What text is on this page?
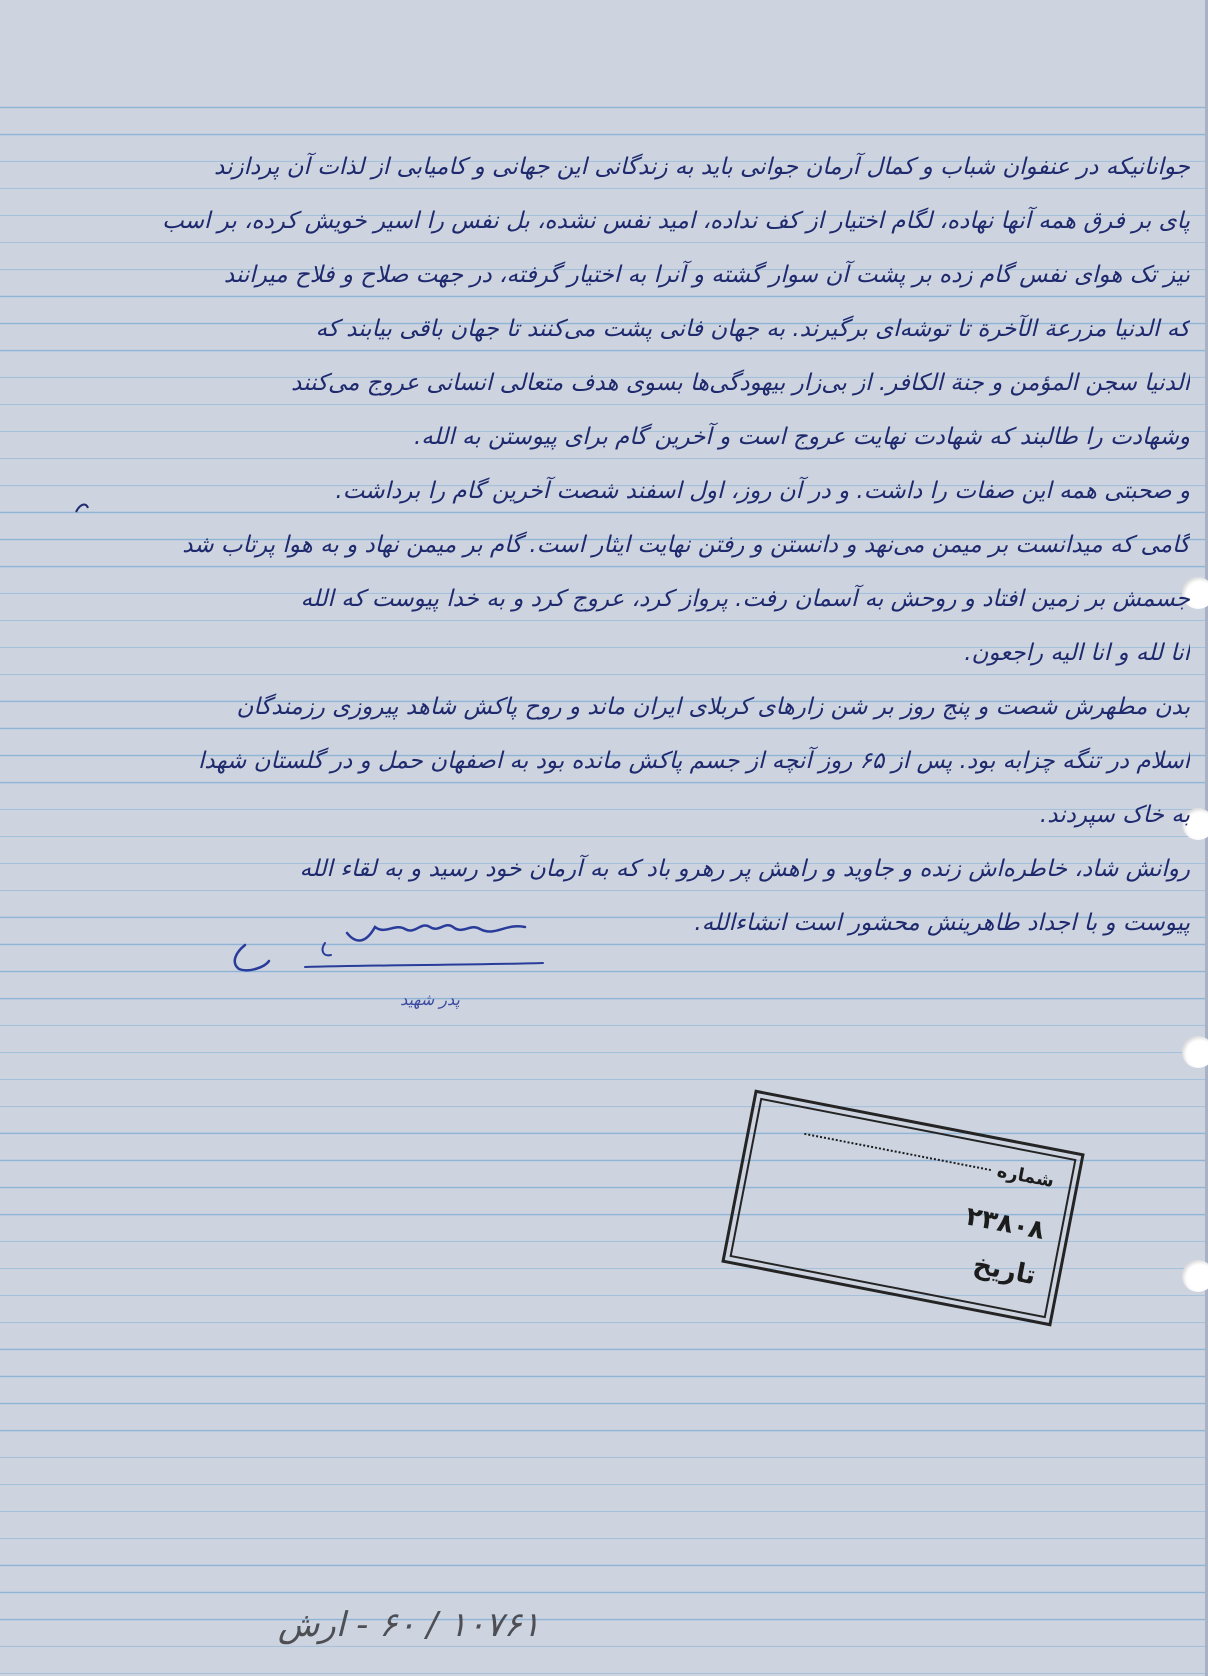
جوانانیکه در عنفوان شباب و کمال آرمان جوانی باید به زندگانی این جهانی و کامیابی از لذات آن پردازند
پای بر فرق همه آنها نهاده، لگام اختیار از کف نداده، امید نفس نشده، بل نفس را اسیر خویش کرده، بر اسب
تیز تک هوای نفس گام زده بر پشت آن سوار گشته و آنرا به اختیار گرفته، در جهت صلاح و فلاح میرانند
که الدنیا مزرعة الآخرة تا توشه‌ای برگیرند. به جهان فانی پشت می‌کنند تا جهان باقی بیابند که
الدنیا سجن المؤمن و جنة الکافر. از بی‌زار بیهودگی‌ها بسوی هدف متعالی انسانی عروج می‌کنند
وشهادت را طالبند که شهادت نهایت عروج است و آخرین گام برای پیوستن به الله.
و صحبتی همه این صفات را داشت. و در آن روز، اول اسفند شصت آخرین گام را برداشت.
گامی که میدانست بر میمن می‌نهد و دانستن و رفتن نهایت ایثار است. گام بر میمن نهاد و به هوا پرتاب شد
جسمش بر زمین افتاد و روحش به آسمان رفت. پرواز کرد، عروج کرد و به خدا پیوست که الله
انا لله و انا الیه راجعون.
بدن مطهرش شصت و پنج روز بر شن زارهای کربلای ایران ماند و روح پاکش شاهد پیروزی رزمندگان
اسلام در تنگه چزابه بود. پس از ۶۵ روز آنچه از جسم پاکش مانده بود به اصفهان حمل و در گلستان شهدا
به خاک سپردند.
روانش شاد، خاطره‌اش زنده و جاوید و راهش پر رهرو باد که به آرمان خود رسید و به لقاء الله
پیوست و با اجداد طاهرینش محشور است انشاءالله.
پدر شهید
شماره
۲۳۸۰۸
تاریخ
۱۰۷۶۱ / ۶۰ - ارش
